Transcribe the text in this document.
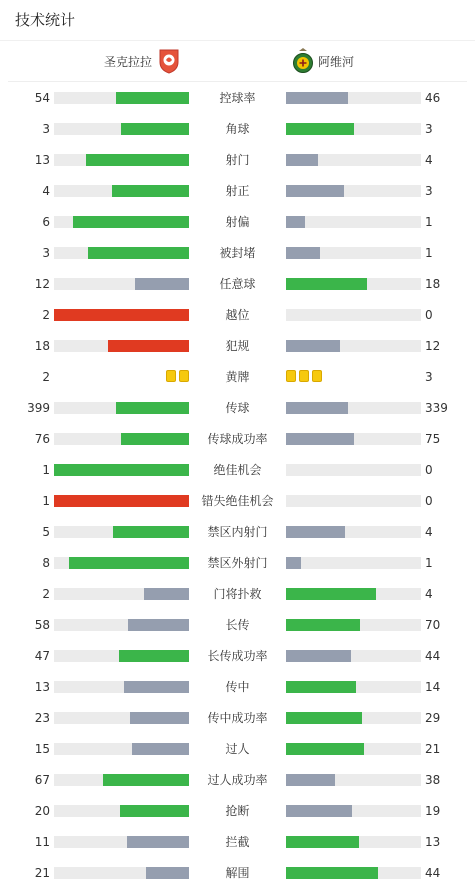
技术统计
圣克拉拉	阿维河
54	控球率	46
3	角球	3
13	射门	4
4	射正	3
6	射偏	1
3	被封堵	1
12	任意球	18
2	越位	0
18	犯规	12
2	黄牌	3
399	传球	339
76	传球成功率	75
1	绝佳机会	0
1	错失绝佳机会	0
5	禁区内射门	4
8	禁区外射门	1
2	门将扑救	4
58	长传	70
47	长传成功率	44
13	传中	14
23	传中成功率	29
15	过人	21
67	过人成功率	38
20	抢断	19
11	拦截	13
21	解围	44
